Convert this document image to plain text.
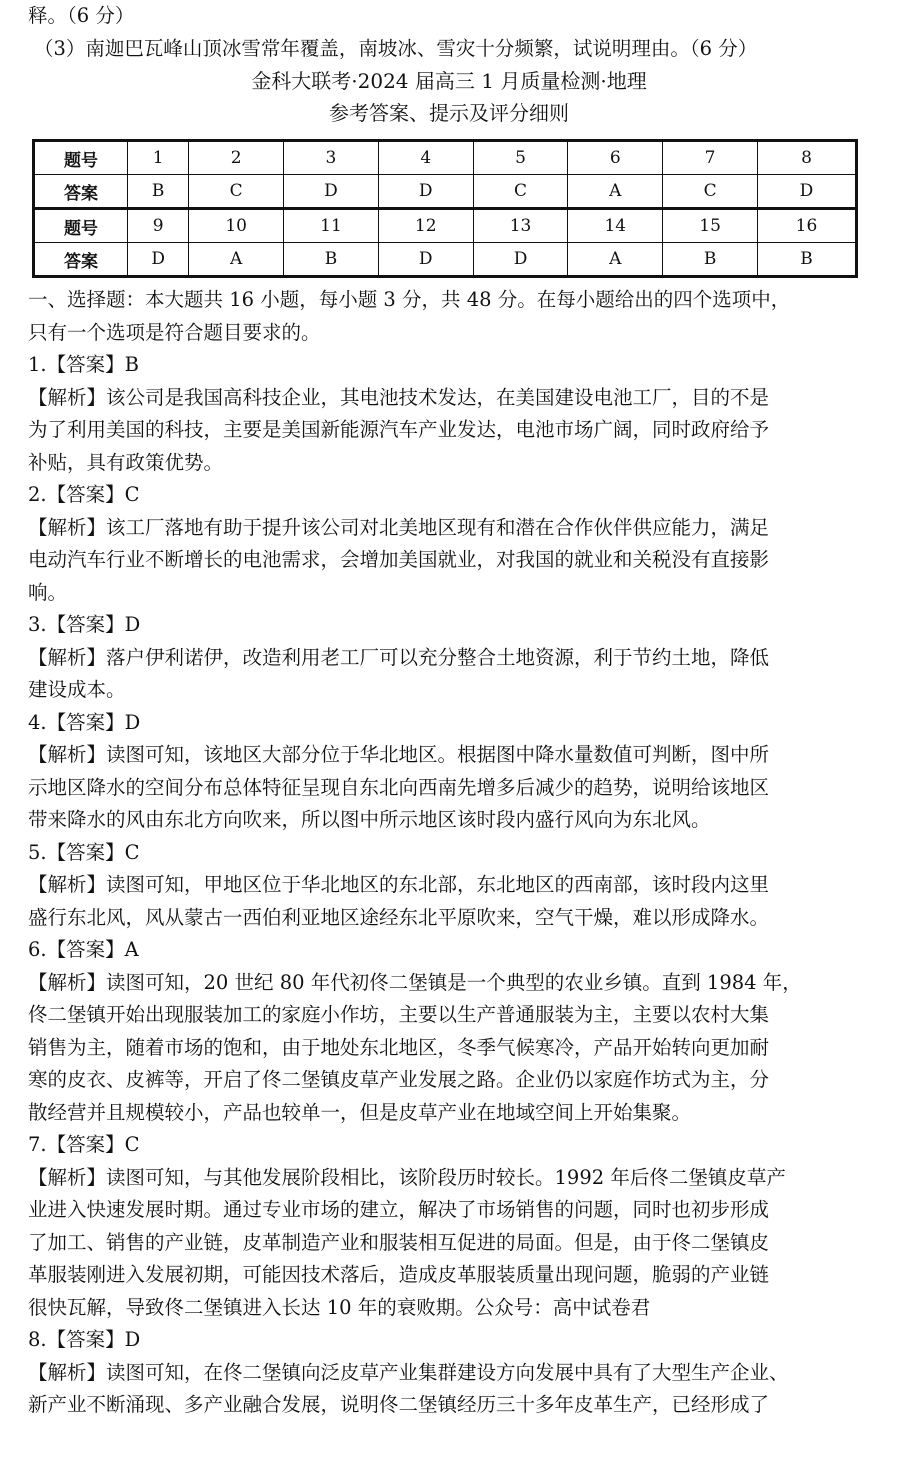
释。（6 分）

（3）南迦巴瓦峰山顶冰雪常年覆盖，南坡冰、雪灾十分频繁，试说明理由。（6 分）

金科大联考·2024 届高三 1 月质量检测·地理

参考答案、提示及评分细则

题号	1	2	3	4	5	6	7	8
答案	B	C	D	D	C	A	C	D
题号	9	10	11	12	13	14	15	16
答案	D	A	B	D	D	A	B	B

一、选择题：本大题共 16 小题，每小题 3 分，共 48 分。在每小题给出的四个选项中，

只有一个选项是符合题目要求的。

1.【答案】B

【解析】该公司是我国高科技企业，其电池技术发达，在美国建设电池工厂，目的不是

为了利用美国的科技，主要是美国新能源汽车产业发达，电池市场广阔，同时政府给予

补贴，具有政策优势。

2.【答案】C

【解析】该工厂落地有助于提升该公司对北美地区现有和潜在合作伙伴供应能力，满足

电动汽车行业不断增长的电池需求，会增加美国就业，对我国的就业和关税没有直接影

响。

3.【答案】D

【解析】落户伊利诺伊，改造利用老工厂可以充分整合土地资源，利于节约土地，降低

建设成本。

4.【答案】D

【解析】读图可知，该地区大部分位于华北地区。根据图中降水量数值可判断，图中所

示地区降水的空间分布总体特征呈现自东北向西南先增多后减少的趋势，说明给该地区

带来降水的风由东北方向吹来，所以图中所示地区该时段内盛行风向为东北风。

5.【答案】C

【解析】读图可知，甲地区位于华北地区的东北部，东北地区的西南部，该时段内这里

盛行东北风，风从蒙古一西伯利亚地区途经东北平原吹来，空气干燥，难以形成降水。

6.【答案】A

【解析】读图可知，20 世纪 80 年代初佟二堡镇是一个典型的农业乡镇。直到 1984 年，

佟二堡镇开始出现服装加工的家庭小作坊，主要以生产普通服装为主，主要以农村大集

销售为主，随着市场的饱和，由于地处东北地区，冬季气候寒冷，产品开始转向更加耐

寒的皮衣、皮裤等，开启了佟二堡镇皮草产业发展之路。企业仍以家庭作坊式为主，分

散经营并且规模较小，产品也较单一，但是皮草产业在地域空间上开始集聚。

7.【答案】C

【解析】读图可知，与其他发展阶段相比，该阶段历时较长。1992 年后佟二堡镇皮草产

业进入快速发展时期。通过专业市场的建立，解决了市场销售的问题，同时也初步形成

了加工、销售的产业链，皮革制造产业和服装相互促进的局面。但是，由于佟二堡镇皮

革服装刚进入发展初期，可能因技术落后，造成皮革服装质量出现问题，脆弱的产业链

很快瓦解，导致佟二堡镇进入长达 10 年的衰败期。公众号：高中试卷君

8.【答案】D

【解析】读图可知，在佟二堡镇向泛皮草产业集群建设方向发展中具有了大型生产企业、

新产业不断涌现、多产业融合发展，说明佟二堡镇经历三十多年皮革生产，已经形成了
